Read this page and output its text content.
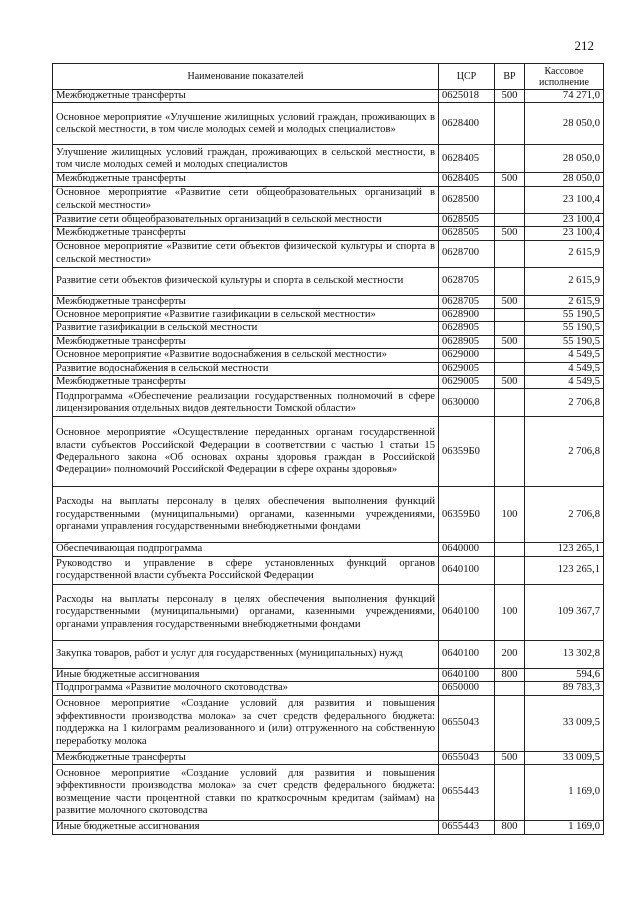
212
Наименование показателей	ЦСР	ВР	Кассовое исполнение
Межбюджетные трансферты	0625018	500	74 271,0
Основное мероприятие «Улучшение жилищных условий граждан, проживающих в сельской местности, в том числе молодых семей и молодых специалистов»	0628400		28 050,0
Улучшение жилищных условий граждан, проживающих в сельской местности, в том числе молодых семей и молодых специалистов	0628405		28 050,0
Межбюджетные трансферты	0628405	500	28 050,0
Основное мероприятие «Развитие сети общеобразовательных организаций в сельской местности»	0628500		23 100,4
Развитие сети общеобразовательных организаций в сельской местности	0628505		23 100,4
Межбюджетные трансферты	0628505	500	23 100,4
Основное мероприятие «Развитие сети объектов физической культуры и спорта в сельской местности»	0628700		2 615,9
Развитие сети объектов физической культуры и спорта в сельской местности	0628705		2 615,9
Межбюджетные трансферты	0628705	500	2 615,9
Основное мероприятие «Развитие газификации в сельской местности»	0628900		55 190,5
Развитие газификации в сельской местности	0628905		55 190,5
Межбюджетные трансферты	0628905	500	55 190,5
Основное мероприятие «Развитие водоснабжения в сельской местности»	0629000		4 549,5
Развитие водоснабжения в сельской местности	0629005		4 549,5
Межбюджетные трансферты	0629005	500	4 549,5
Подпрограмма «Обеспечение реализации государственных полномочий в сфере лицензирования отдельных видов деятельности Томской области»	0630000		2 706,8
Основное мероприятие «Осуществление переданных органам государственной власти субъектов Российской Федерации в соответствии с частью 1 статьи 15 Федерального закона «Об основах охраны здоровья граждан в Российской Федерации» полномочий Российской Федерации в сфере охраны здоровья»	06359Б0		2 706,8
Расходы на выплаты персоналу в целях обеспечения выполнения функций государственными (муниципальными) органами, казенными учреждениями, органами управления государственными внебюджетными фондами	06359Б0	100	2 706,8
Обеспечивающая подпрограмма	0640000		123 265,1
Руководство и управление в сфере установленных функций органов государственной власти субъекта Российской Федерации	0640100		123 265,1
Расходы на выплаты персоналу в целях обеспечения выполнения функций государственными (муниципальными) органами, казенными учреждениями, органами управления государственными внебюджетными фондами	0640100	100	109 367,7
Закупка товаров, работ и услуг для государственных (муниципальных) нужд	0640100	200	13 302,8
Иные бюджетные ассигнования	0640100	800	594,6
Подпрограмма «Развитие молочного скотоводства»	0650000		89 783,3
Основное мероприятие «Создание условий для развития и повышения эффективности производства молока» за счет средств федерального бюджета: поддержка на 1 килограмм реализованного и (или) отгруженного на собственную переработку молока	0655043		33 009,5
Межбюджетные трансферты	0655043	500	33 009,5
Основное мероприятие «Создание условий для развития и повышения эффективности производства молока» за счет средств федерального бюджета: возмещение части процентной ставки по краткосрочным кредитам (займам) на развитие молочного скотоводства	0655443		1 169,0
Иные бюджетные ассигнования	0655443	800	1 169,0
